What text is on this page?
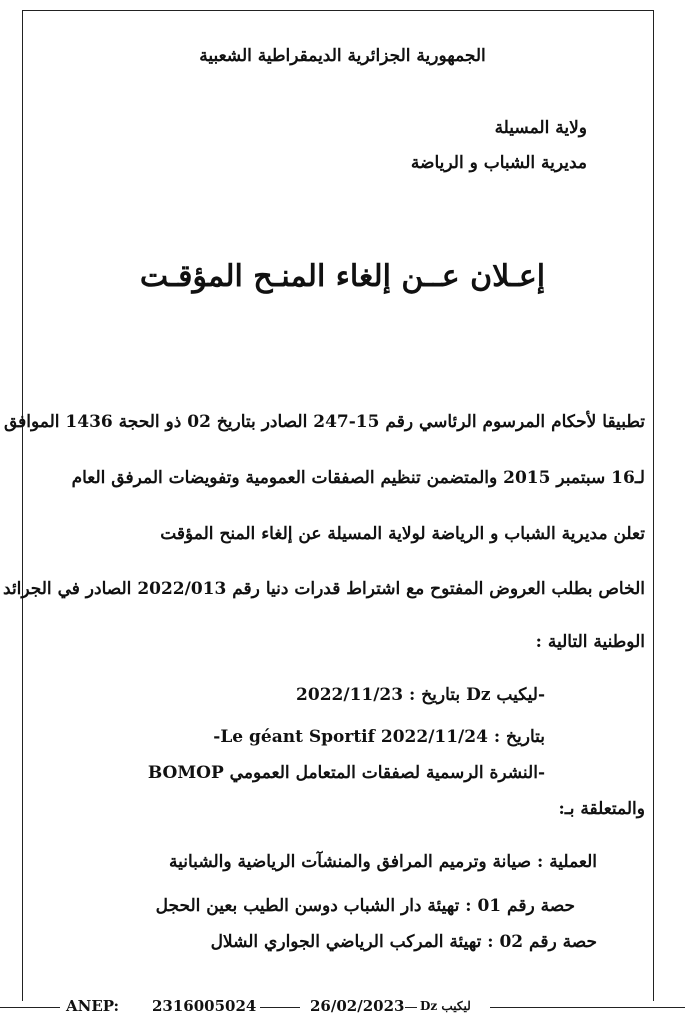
الجمهورية الجزائرية الديمقراطية الشعبية
ولاية المسيلة
مديرية الشباب و الرياضة
إعـلان عــن إلغاء المنـح المؤقـت
تطبيقا لأحكام المرسوم الرئاسي رقم 15-247 الصادر بتاريخ 02 ذو الحجة 1436 الموافق
لـ16 سبتمبر 2015 والمتضمن تنظيم الصفقات العمومية وتفويضات المرفق العام
تعلن مديرية الشباب و الرياضة لولاية المسيلة عن إلغاء المنح المؤقت
الخاص بطلب العروض المفتوح مع اشتراط قدرات دنيا رقم 2022/013 الصادر في الجرائد
الوطنية التالية :
-ليكيب Dz بتاريخ : 2022/11/23
-Le géant Sportif بتاريخ : 2022/11/24
-النشرة الرسمية لصفقات المتعامل العمومي BOMOP
والمتعلقة بـ:
العملية : صيانة وترميم المرافق والمنشآت الرياضية والشبانية
حصة رقم 01 : تهيئة دار الشباب دوسن الطيب بعين الحجل
حصة رقم 02 : تهيئة المركب الرياضي الجواري الشلال
ANEP: 2316005024	26/02/2023 ليكيب Dz
